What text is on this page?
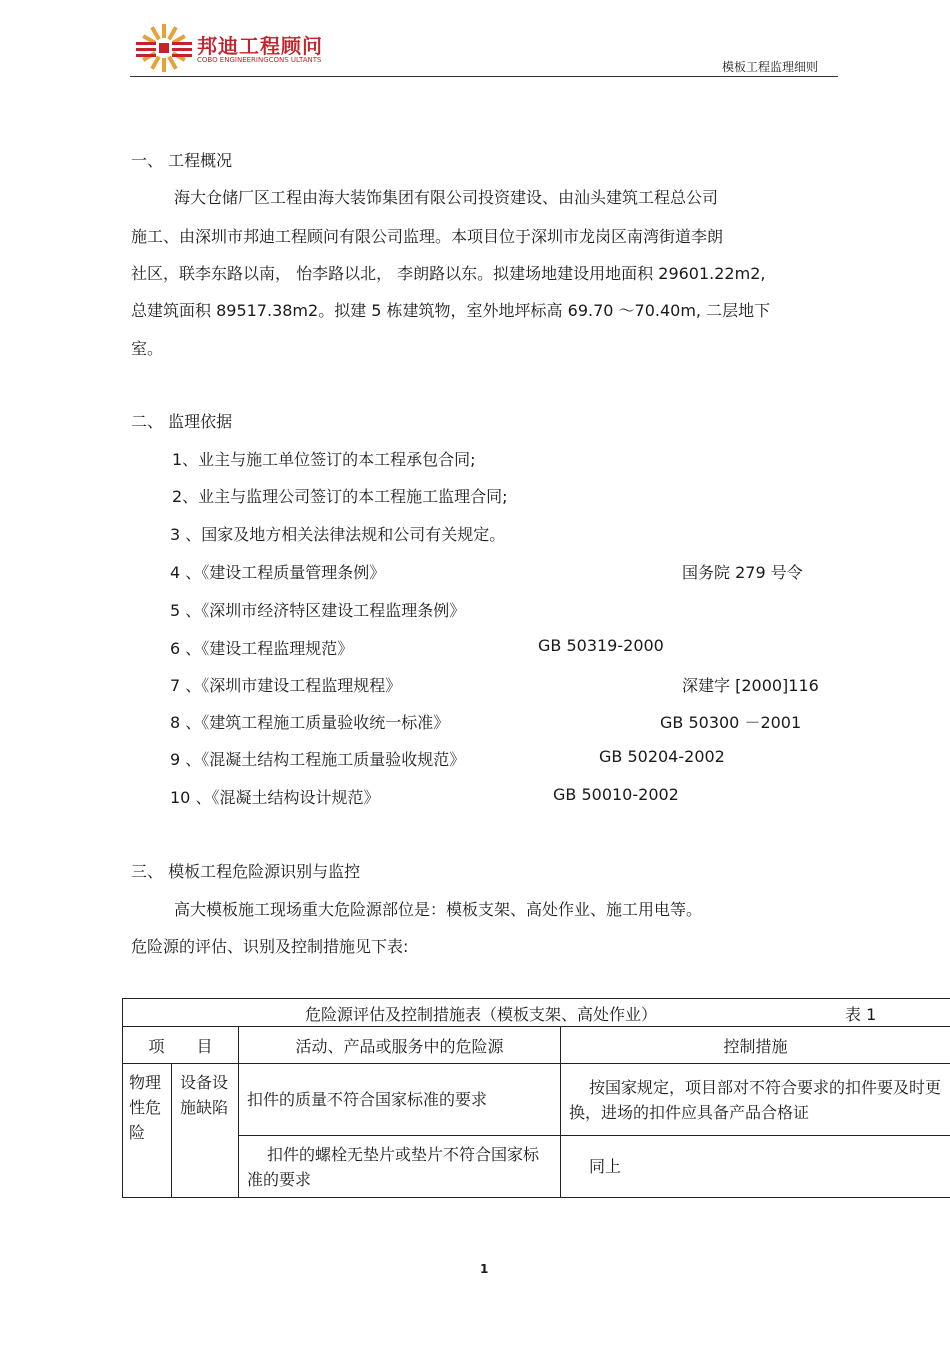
邦迪工程顾问
COBO ENGINEERINGCONS ULTANTS	模板工程监理细则
一、 工程概况
海大仓储厂区工程由海大装饰集团有限公司投资建设、由汕头建筑工程总公司
施工、由深圳市邦迪工程顾问有限公司监理。本项目位于深圳市龙岗区南湾街道李朗
社区，联李东路以南， 怡李路以北， 李朗路以东。拟建场地建设用地面积 29601.22m2,
总建筑面积 89517.38m2。拟建 5 栋建筑物，室外地坪标高 69.70 ～70.40m, 二层地下
室。
二、 监理依据
1、业主与施工单位签订的本工程承包合同;
2、业主与监理公司签订的本工程施工监理合同;
3 、国家及地方相关法律法规和公司有关规定。
4 、《建设工程质量管理条例》	国务院 279 号令
5 、《深圳市经济特区建设工程监理条例》
6 、《建设工程监理规范》	GB 50319-2000
7 、《深圳市建设工程监理规程》	深建字 [2000]116
8 、《建筑工程施工质量验收统一标准》	GB 50300 －2001
9 、《混凝土结构工程施工质量验收规范》	GB 50204-2002
10 、《混凝土结构设计规范》	GB 50010-2002
三、 模板工程危险源识别与监控
高大模板施工现场重大危险源部位是：模板支架、高处作业、施工用电等。
危险源的评估、识别及控制措施见下表:
危险源评估及控制措施表（模板支架、高处作业） 表 1			

项　　目		活动、产品或服务中的危险源	控制措施
物理性危险	设备设施缺陷	扣件的质量不符合国家标准的要求	按国家规定，项目部对不符合要求的扣件要及时更换，进场的扣件应具备产品合格证
		扣件的螺栓无垫片或垫片不符合国家标准的要求	同上
1
